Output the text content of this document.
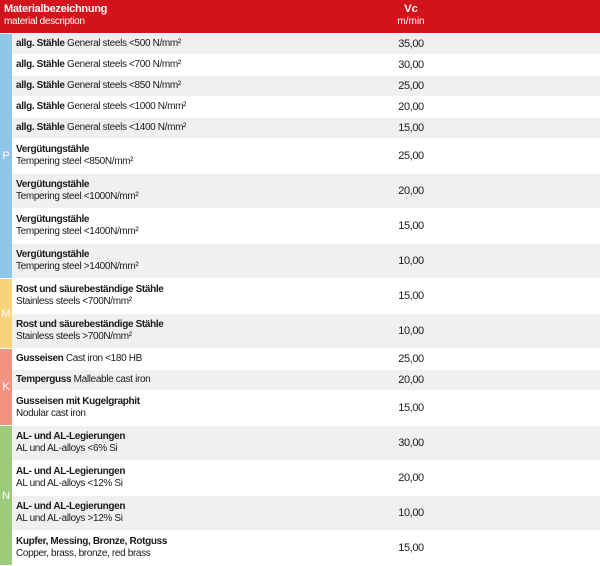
Materialbezeichnung
material description
Vc
m/min
P
allg. Stähle General steels <500 N/mm²	35,00
allg. Stähle General steels <700 N/mm²	30,00
allg. Stähle General steels <850 N/mm²	25,00
allg. Stähle General steels <1000 N/mm²	20,00
allg. Stähle General steels <1400 N/mm²	15,00
Vergütungstähle
Tempering steel <850N/mm²	25,00
Vergütungstähle
Tempering steel <1000N/mm²	20,00
Vergütungstähle
Tempering steel <1400N/mm²	15,00
Vergütungstähle
Tempering steel >1400N/mm²	10,00
M
Rost und säurebeständige Stähle
Stainless steels <700N/mm²	15,00
Rost und säurebeständige Stähle
Stainless steels >700N/mm²	10,00
K
Gusseisen Cast iron <180 HB	25,00
Temperguss Malleable cast iron	20,00
Gusseisen mit Kugelgraphit
Nodular cast iron	15,00
N
AL- und AL-Legierungen
AL und AL-alloys <6% Si	30,00
AL- und AL-Legierungen
AL und AL-alloys <12% Si	20,00
AL- und AL-Legierungen
AL und AL-alloys >12% Si	10,00
Kupfer, Messing, Bronze, Rotguss
Copper, brass, bronze, red brass	15,00
